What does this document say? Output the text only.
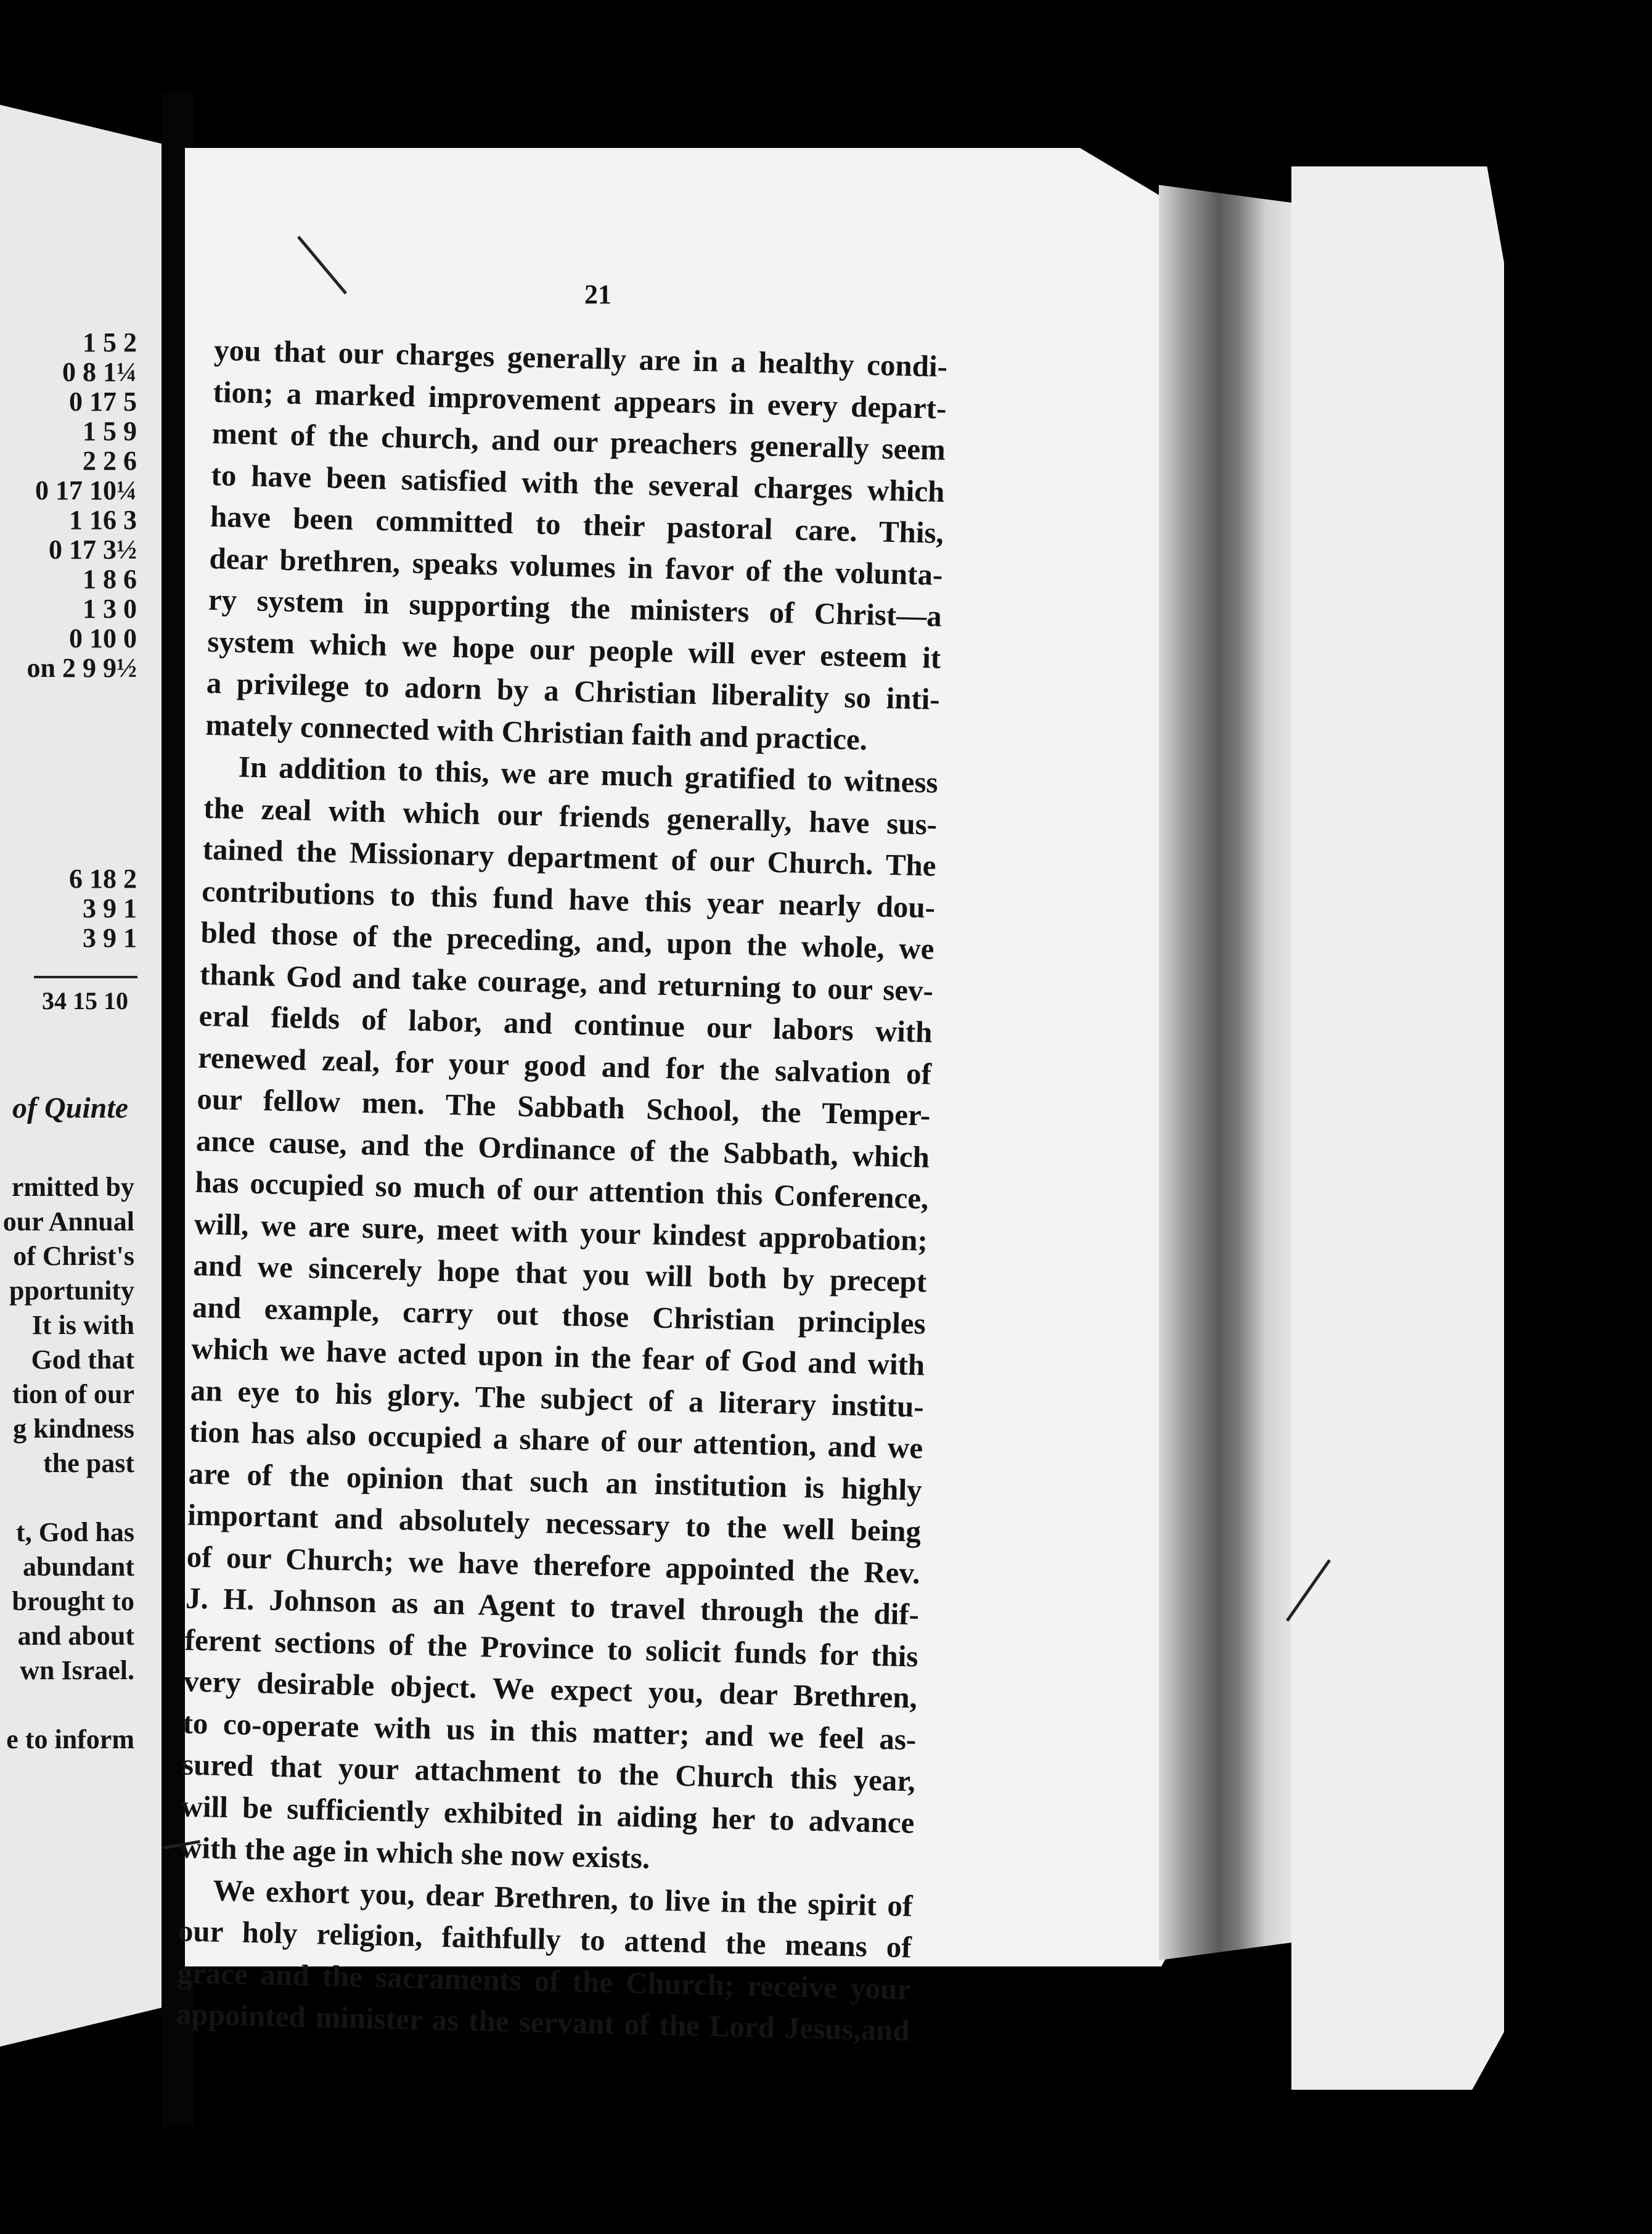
21
you that our charges generally are in a healthy condi-
tion; a marked improvement appears in every depart-
ment of the church, and our preachers generally seem
to have been satisfied with the several charges which
have been committed to their pastoral care. This,
dear brethren, speaks volumes in favor of the volunta-
ry system in supporting the ministers of Christ—a
system which we hope our people will ever esteem it
a privilege to adorn by a Christian liberality so inti-
mately connected with Christian faith and practice.
In addition to this, we are much gratified to witness
the zeal with which our friends generally, have sus-
tained the Missionary department of our Church. The
contributions to this fund have this year nearly dou-
bled those of the preceding, and, upon the whole, we
thank God and take courage, and returning to our sev-
eral fields of labor, and continue our labors with
renewed zeal, for your good and for the salvation of
our fellow men. The Sabbath School, the Temper-
ance cause, and the Ordinance of the Sabbath, which
has occupied so much of our attention this Conference,
will, we are sure, meet with your kindest approbation;
and we sincerely hope that you will both by precept
and example, carry out those Christian principles
which we have acted upon in the fear of God and with
an eye to his glory. The subject of a literary institu-
tion has also occupied a share of our attention, and we
are of the opinion that such an institution is highly
important and absolutely necessary to the well being
of our Church; we have therefore appointed the Rev.
J. H. Johnson as an Agent to travel through the dif-
ferent sections of the Province to solicit funds for this
very desirable object. We expect you, dear Brethren,
to co-operate with us in this matter; and we feel as-
sured that your attachment to the Church this year,
will be sufficiently exhibited in aiding her to advance
with the age in which she now exists.
We exhort you, dear Brethren, to live in the spirit of
our holy religion, faithfully to attend the means of
grace and the sacraments of the Church; receive your
appointed minister as the servant of the Lord Jesus,and
1 5 2
0 8 1¼
0 17 5
1 5 9
2 2 6
0 17 10¼
1 16 3
0 17 3½
1 8 6
1 3 0
0 10 0
on 2 9 9½
6 18 2
3 9 1
3 9 1
34 15 10
of Quinte
rmitted by
our Annual
of Christ's
pportunity
It is with
God that
tion of our
g kindness
the past
t, God has
abundant
brought to
and about
wn Israel.
e to inform
